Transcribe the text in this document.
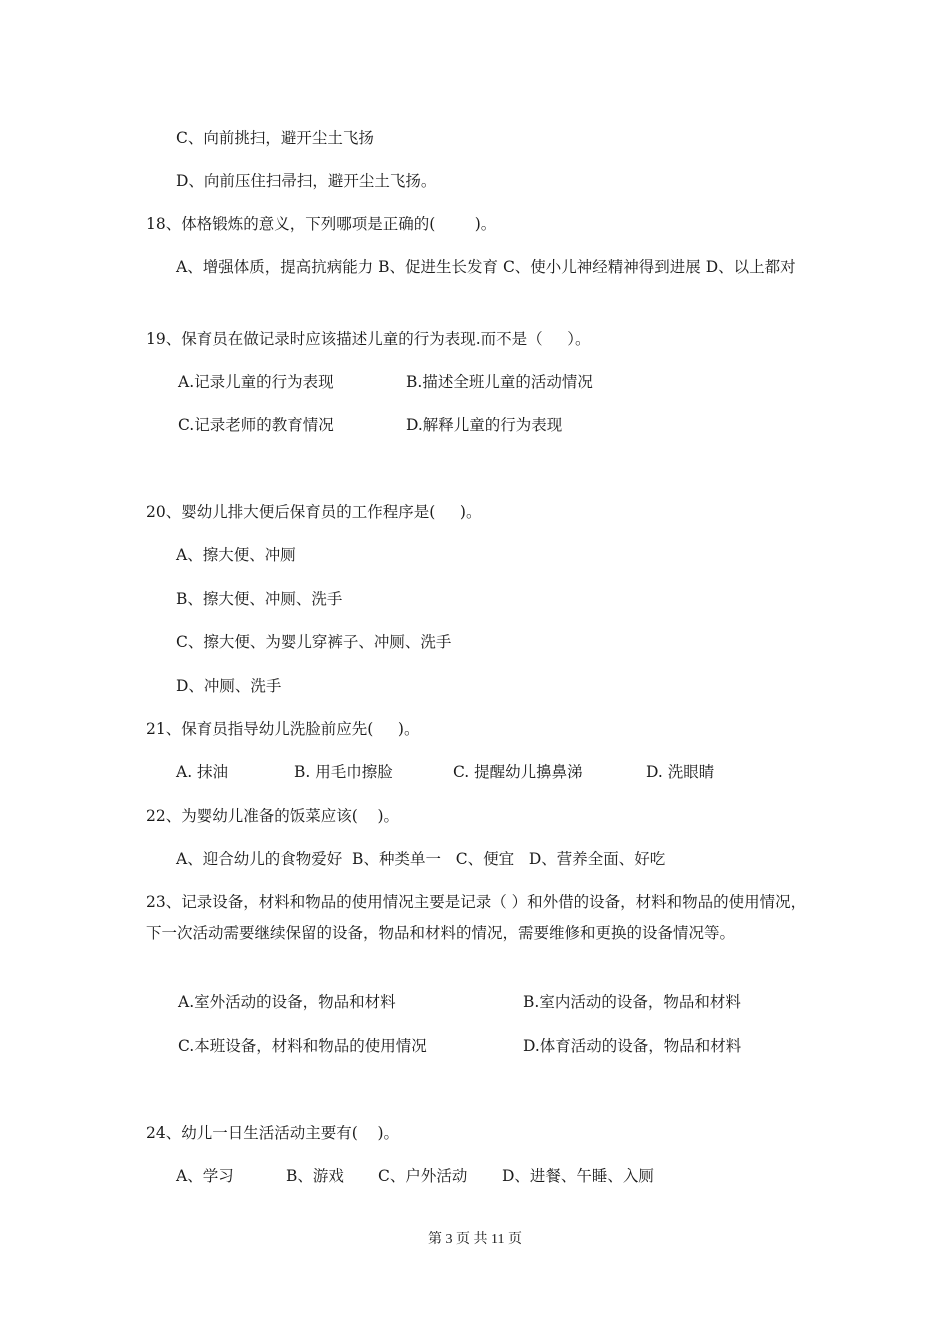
C、向前挑扫，避开尘土飞扬
D、向前压住扫帚扫，避开尘土飞扬。
18、体格锻炼的意义，下列哪项是正确的(        )。
A、增强体质，提高抗病能力 B、促进生长发育 C、使小儿神经精神得到进展 D、以上都对
19、保育员在做记录时应该描述儿童的行为表现.而不是（     ）。
A.记录儿童的行为表现	B.描述全班儿童的活动情况
C.记录老师的教育情况	D.解释儿童的行为表现
20、婴幼儿排大便后保育员的工作程序是(     )。
A、擦大便、冲厕
B、擦大便、冲厕、洗手
C、擦大便、为婴儿穿裤子、冲厕、洗手
D、冲厕、洗手
21、保育员指导幼儿洗脸前应先(     )。
A. 抹油	B. 用毛巾擦脸	C. 提醒幼儿擤鼻涕	D. 洗眼睛
22、为婴幼儿准备的饭菜应该(    )。
A、迎合幼儿的食物爱好  B、种类单一   C、便宜   D、营养全面、好吃
23、记录设备，材料和物品的使用情况主要是记录（ ）和外借的设备，材料和物品的使用情况，下一次活动需要继续保留的设备，物品和材料的情况，需要维修和更换的设备情况等。
A.室外活动的设备，物品和材料	B.室内活动的设备，物品和材料
C.本班设备，材料和物品的使用情况	D.体育活动的设备，物品和材料
24、幼儿一日生活活动主要有(    )。
A、学习	B、游戏 C、户外活动 D、进餐、午睡、入厕
第 3 页 共 11 页
